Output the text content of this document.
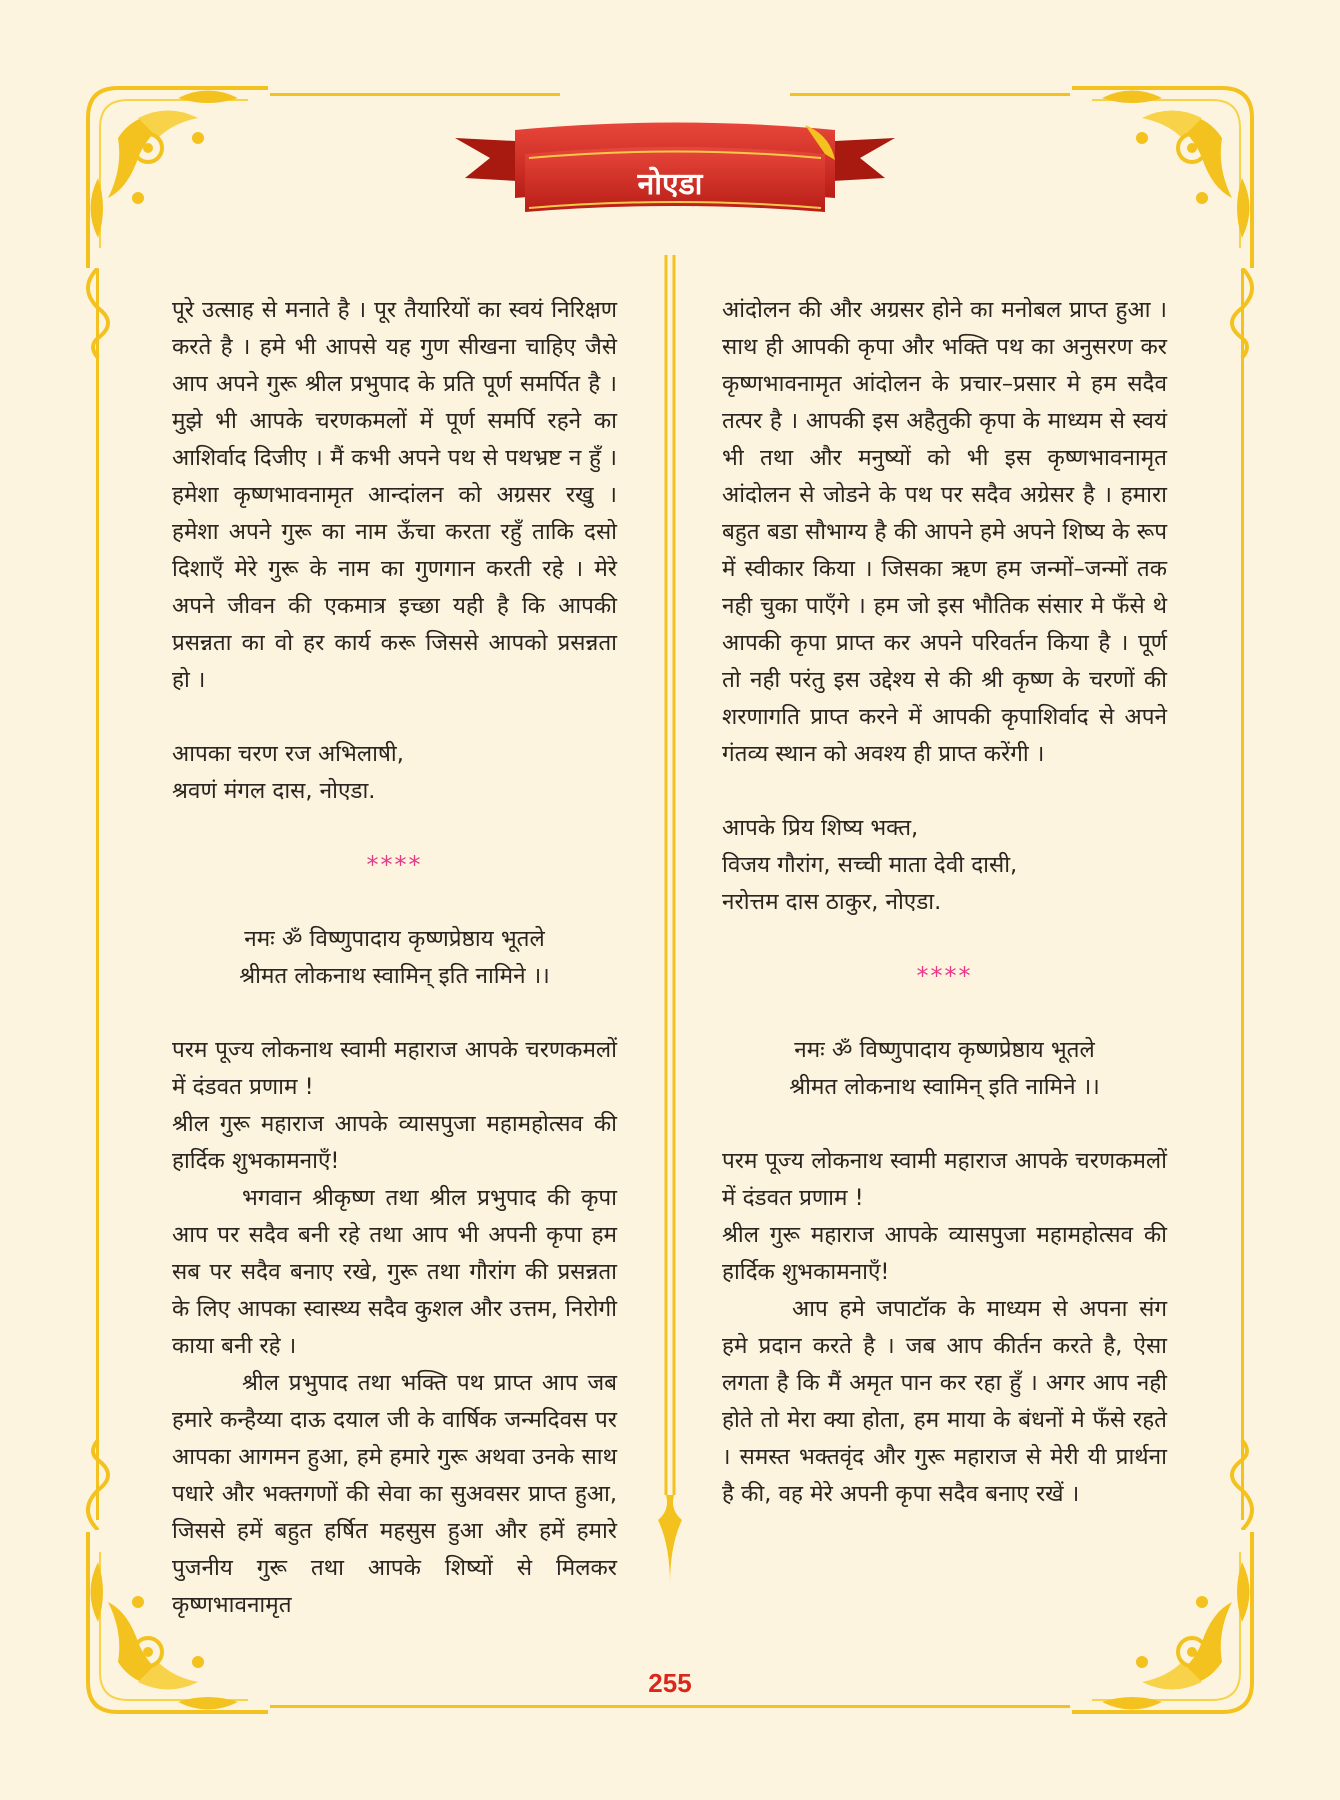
नोएडा

पूरे उत्साह से मनाते है । पूर तैयारियों का स्वयं निरिक्षण करते है । हमे भी आपसे यह गुण सीखना चाहिए जैसे आप अपने गुरू श्रील प्रभुपाद के प्रति पूर्ण समर्पित है । मुझे भी आपके चरणकमलों में पूर्ण समर्पि रहने का आशिर्वाद दिजीए । मैं कभी अपने पथ से पथभ्रष्ट न हुँ । हमेशा कृष्णभावनामृत आन्दांलन को अग्रसर रखु । हमेशा अपने गुरू का नाम ऊँचा करता रहुँ ताकि दसो दिशाएँ मेरे गुरू के नाम का गुणगान करती रहे । मेरे अपने जीवन की एकमात्र इच्छा यही है कि आपकी प्रसन्नता का वो हर कार्य करू जिससे आपको प्रसन्नता हो ।

आपका चरण रज अभिलाषी,

श्रवणं मंगल दास, नोएडा.

****

नमः ॐ विष्णुपादाय कृष्णप्रेष्ठाय भूतले

श्रीमत लोकनाथ स्वामिन् इति नामिने ।।

परम पूज्य लोकनाथ स्वामी महाराज आपके चरणकमलों में दंडवत प्रणाम !

श्रील गुरू महाराज आपके व्यासपुजा महामहोत्सव की हार्दिक शुभकामनाएँ!

भगवान श्रीकृष्ण तथा श्रील प्रभुपाद की कृपा आप पर सदैव बनी रहे तथा आप भी अपनी कृपा हम सब पर सदैव बनाए रखे, गुरू तथा गौरांग की प्रसन्नता के लिए आपका स्वास्थ्य सदैव कुशल और उत्तम, निरोगी काया बनी रहे ।

श्रील प्रभुपाद तथा भक्ति पथ प्राप्त आप जब हमारे कन्हैय्या दाऊ दयाल जी के वार्षिक जन्मदिवस पर आपका आगमन हुआ, हमे हमारे गुरू अथवा उनके साथ पधारे और भक्तगणों की सेवा का सुअवसर प्राप्त हुआ, जिससे हमें बहुत हर्षित महसुस हुआ और हमें हमारे पुजनीय गुरू तथा आपके शिष्यों से मिलकर कृष्णभावनामृत

आंदोलन की और अग्रसर होने का मनोबल प्राप्त हुआ । साथ ही आपकी कृपा और भक्ति पथ का अनुसरण कर कृष्णभावनामृत आंदोलन के प्रचार–प्रसार मे हम सदैव तत्पर है । आपकी इस अहैतुकी कृपा के माध्यम से स्वयं भी तथा और मनुष्यों को भी इस कृष्णभावनामृत आंदोलन से जोडने के पथ पर सदैव अग्रेसर है । हमारा बहुत बडा सौभाग्य है की आपने हमे अपने शिष्य के रूप में स्वीकार किया । जिसका ऋण हम जन्मों–जन्मों तक नही चुका पाएँगे । हम जो इस भौतिक संसार मे फँसे थे आपकी कृपा प्राप्त कर अपने परिवर्तन किया है । पूर्ण तो नही परंतु इस उद्देश्य से की श्री कृष्ण के चरणों की शरणागति प्राप्त करने में आपकी कृपाशिर्वाद से अपने गंतव्य स्थान को अवश्य ही प्राप्त करेंगी ।

आपके प्रिय शिष्य भक्त,

विजय गौरांग, सच्ची माता देवी दासी,

नरोत्तम दास ठाकुर, नोएडा.

****

नमः ॐ विष्णुपादाय कृष्णप्रेष्ठाय भूतले

श्रीमत लोकनाथ स्वामिन् इति नामिने ।।

परम पूज्य लोकनाथ स्वामी महाराज आपके चरणकमलों में दंडवत प्रणाम !

श्रील गुरू महाराज आपके व्यासपुजा महामहोत्सव की हार्दिक शुभकामनाएँ!

आप हमे जपाटॉक के माध्यम से अपना संग हमे प्रदान करते है । जब आप कीर्तन करते है, ऐसा लगता है कि मैं अमृत पान कर रहा हुँ । अगर आप नही होते तो मेरा क्या होता, हम माया के बंधनों मे फँसे रहते । समस्त भक्तवृंद और गुरू महाराज से मेरी यी प्रार्थना है की, वह मेरे अपनी कृपा सदैव बनाए रखें ।

255
